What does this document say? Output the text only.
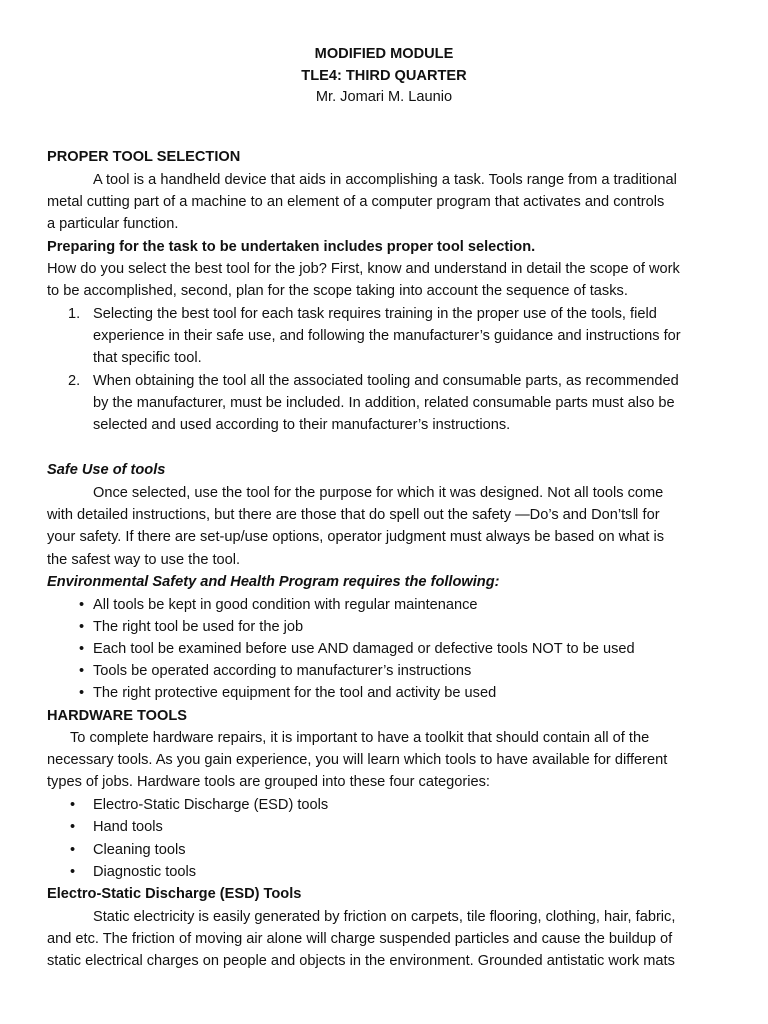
MODIFIED MODULE
TLE4: THIRD QUARTER
Mr. Jomari M. Launio
PROPER TOOL SELECTION
A tool is a handheld device that aids in accomplishing a task. Tools range from a traditional
metal cutting part of a machine to an element of a computer program that activates and controls
a particular function.
Preparing for the task to be undertaken includes proper tool selection.
How do you select the best tool for the job? First, know and understand in detail the scope of work
to be accomplished, second, plan for the scope taking into account the sequence of tasks.
1. Selecting the best tool for each task requires training in the proper use of the tools, field
experience in their safe use, and following the manufacturer’s guidance and instructions for
that specific tool.
2. When obtaining the tool all the associated tooling and consumable parts, as recommended
by the manufacturer, must be included. In addition, related consumable parts must also be
selected and used according to their manufacturer’s instructions.
Safe Use of tools
Once selected, use the tool for the purpose for which it was designed. Not all tools come
with detailed instructions, but there are those that do spell out the safety ―Do’s and Don’ts‖ for
your safety. If there are set-up/use options, operator judgment must always be based on what is
the safest way to use the tool.
Environmental Safety and Health Program requires the following:
• All tools be kept in good condition with regular maintenance
• The right tool be used for the job
• Each tool be examined before use AND damaged or defective tools NOT to be used
• Tools be operated according to manufacturer’s instructions
• The right protective equipment for the tool and activity be used
HARDWARE TOOLS
To complete hardware repairs, it is important to have a toolkit that should contain all of the
necessary tools. As you gain experience, you will learn which tools to have available for different
types of jobs. Hardware tools are grouped into these four categories:
• Electro-Static Discharge (ESD) tools
• Hand tools
• Cleaning tools
• Diagnostic tools
Electro-Static Discharge (ESD) Tools
Static electricity is easily generated by friction on carpets, tile flooring, clothing, hair, fabric,
and etc. The friction of moving air alone will charge suspended particles and cause the buildup of
static electrical charges on people and objects in the environment. Grounded antistatic work mats
